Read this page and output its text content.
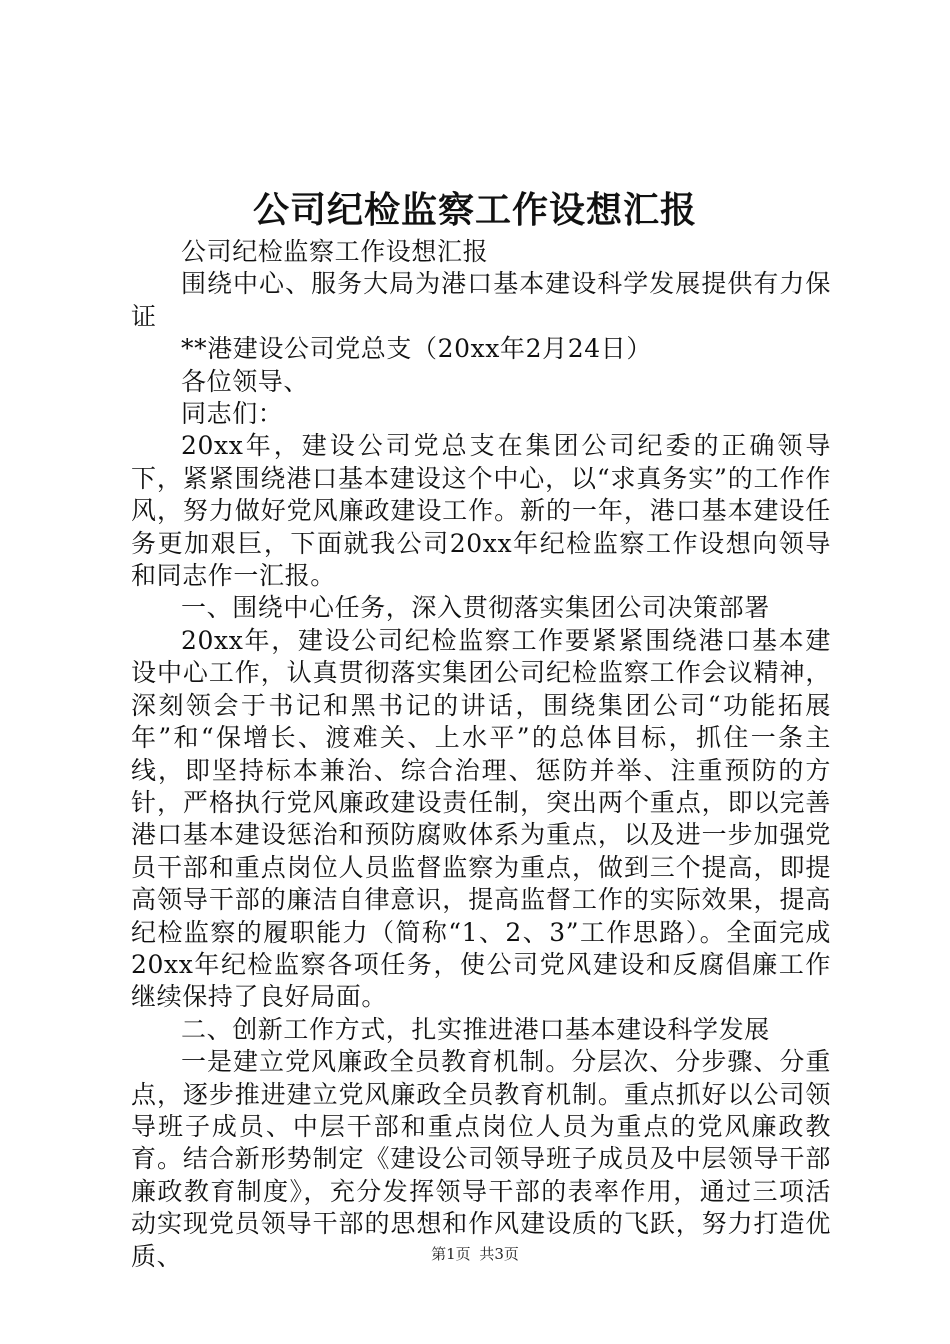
公司纪检监察工作设想汇报

公司纪检监察工作设想汇报

围绕中心、服务大局为港口基本建设科学发展提供有力保证

**港建设公司党总支（20xx年2月24日）

各位领导、

同志们：

20xx年，建设公司党总支在集团公司纪委的正确领导下，紧紧围绕港口基本建设这个中心，以“求真务实”的工作作风，努力做好党风廉政建设工作。新的一年，港口基本建设任务更加艰巨，下面就我公司20xx年纪检监察工作设想向领导和同志作一汇报。

一、围绕中心任务，深入贯彻落实集团公司决策部署

20xx年，建设公司纪检监察工作要紧紧围绕港口基本建设中心工作，认真贯彻落实集团公司纪检监察工作会议精神，深刻领会于书记和黑书记的讲话，围绕集团公司“功能拓展年”和“保增长、渡难关、上水平”的总体目标，抓住一条主线，即坚持标本兼治、综合治理、惩防并举、注重预防的方针，严格执行党风廉政建设责任制，突出两个重点，即以完善港口基本建设惩治和预防腐败体系为重点，以及进一步加强党员干部和重点岗位人员监督监察为重点，做到三个提高，即提高领导干部的廉洁自律意识，提高监督工作的实际效果，提高纪检监察的履职能力（简称“1、2、3”工作思路）。全面完成20xx年纪检监察各项任务，使公司党风建设和反腐倡廉工作继续保持了良好局面。

二、创新工作方式，扎实推进港口基本建设科学发展

一是建立党风廉政全员教育机制。分层次、分步骤、分重点，逐步推进建立党风廉政全员教育机制。重点抓好以公司领导班子成员、中层干部和重点岗位人员为重点的党风廉政教育。结合新形势制定《建设公司领导班子成员及中层领导干部廉政教育制度》，充分发挥领导干部的表率作用，通过三项活动实现党员领导干部的思想和作风建设质的飞跃，努力打造优质、	第1页 共3页
